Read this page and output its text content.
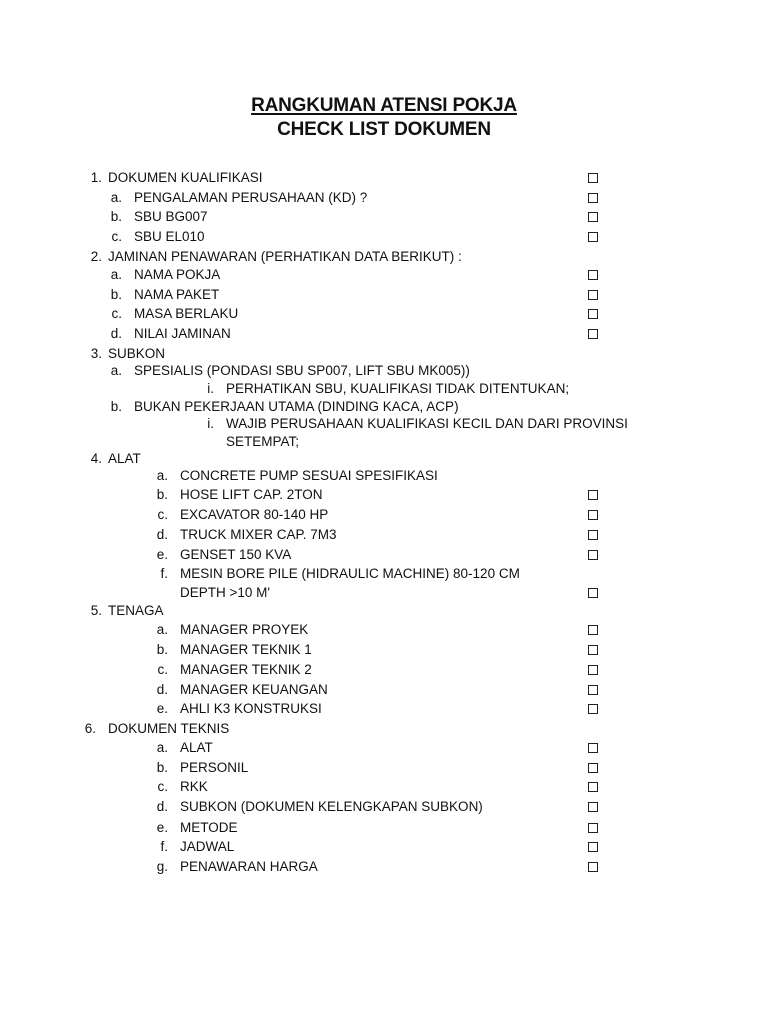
RANGKUMAN ATENSI POKJA
CHECK LIST DOKUMEN
1. DOKUMEN KUALIFIKASI
a. PENGALAMAN PERUSAHAAN (KD) ?
b. SBU BG007
c. SBU EL010
2. JAMINAN PENAWARAN (PERHATIKAN DATA BERIKUT) :
a. NAMA POKJA
b. NAMA PAKET
c. MASA BERLAKU
d. NILAI JAMINAN
3. SUBKON
a. SPESIALIS (PONDASI SBU SP007, LIFT SBU MK005))
i. PERHATIKAN SBU, KUALIFIKASI TIDAK DITENTUKAN;
b. BUKAN PEKERJAAN UTAMA (DINDING KACA, ACP)
i. WAJIB PERUSAHAAN KUALIFIKASI KECIL DAN DARI PROVINSI
SETEMPAT;
4. ALAT
a. CONCRETE PUMP SESUAI SPESIFIKASI
b. HOSE LIFT CAP. 2TON
c. EXCAVATOR 80-140 HP
d. TRUCK MIXER CAP. 7M3
e. GENSET 150 KVA
f. MESIN BORE PILE (HIDRAULIC MACHINE) 80-120 CM
DEPTH >10 M'
5. TENAGA
a. MANAGER PROYEK
b. MANAGER TEKNIK 1
c. MANAGER TEKNIK 2
d. MANAGER KEUANGAN
e. AHLI K3 KONSTRUKSI
6. DOKUMEN TEKNIS
a. ALAT
b. PERSONIL
c. RKK
d. SUBKON (DOKUMEN KELENGKAPAN SUBKON)
e. METODE
f. JADWAL
g. PENAWARAN HARGA
